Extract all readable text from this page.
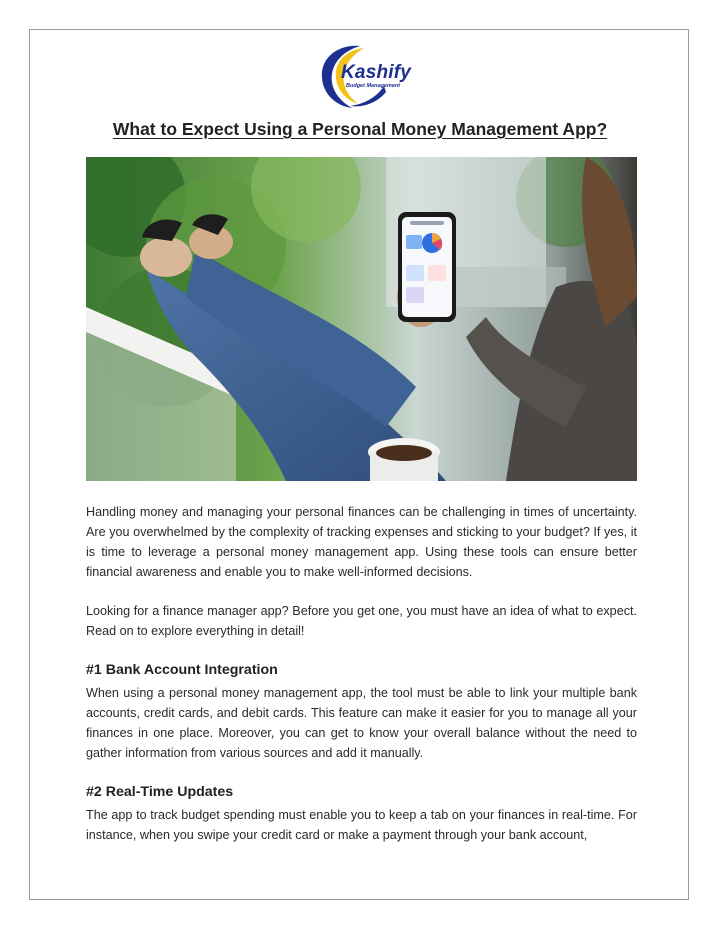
Kashify
Budget Management
What to Expect Using a Personal Money Management App?

Handling money and managing your personal finances can be challenging in times of uncertainty. Are you overwhelmed by the complexity of tracking expenses and sticking to your budget? If yes, it is time to leverage a personal money management app. Using these tools can ensure better financial awareness and enable you to make well-informed decisions.

Looking for a finance manager app? Before you get one, you must have an idea of what to expect. Read on to explore everything in detail!

#1 Bank Account Integration

When using a personal money management app, the tool must be able to link your multiple bank accounts, credit cards, and debit cards. This feature can make it easier for you to manage all your finances in one place. Moreover, you can get to know your overall balance without the need to gather information from various sources and add it manually.

#2 Real-Time Updates

The app to track budget spending must enable you to keep a tab on your finances in real-time. For instance, when you swipe your credit card or make a payment through your bank account,
